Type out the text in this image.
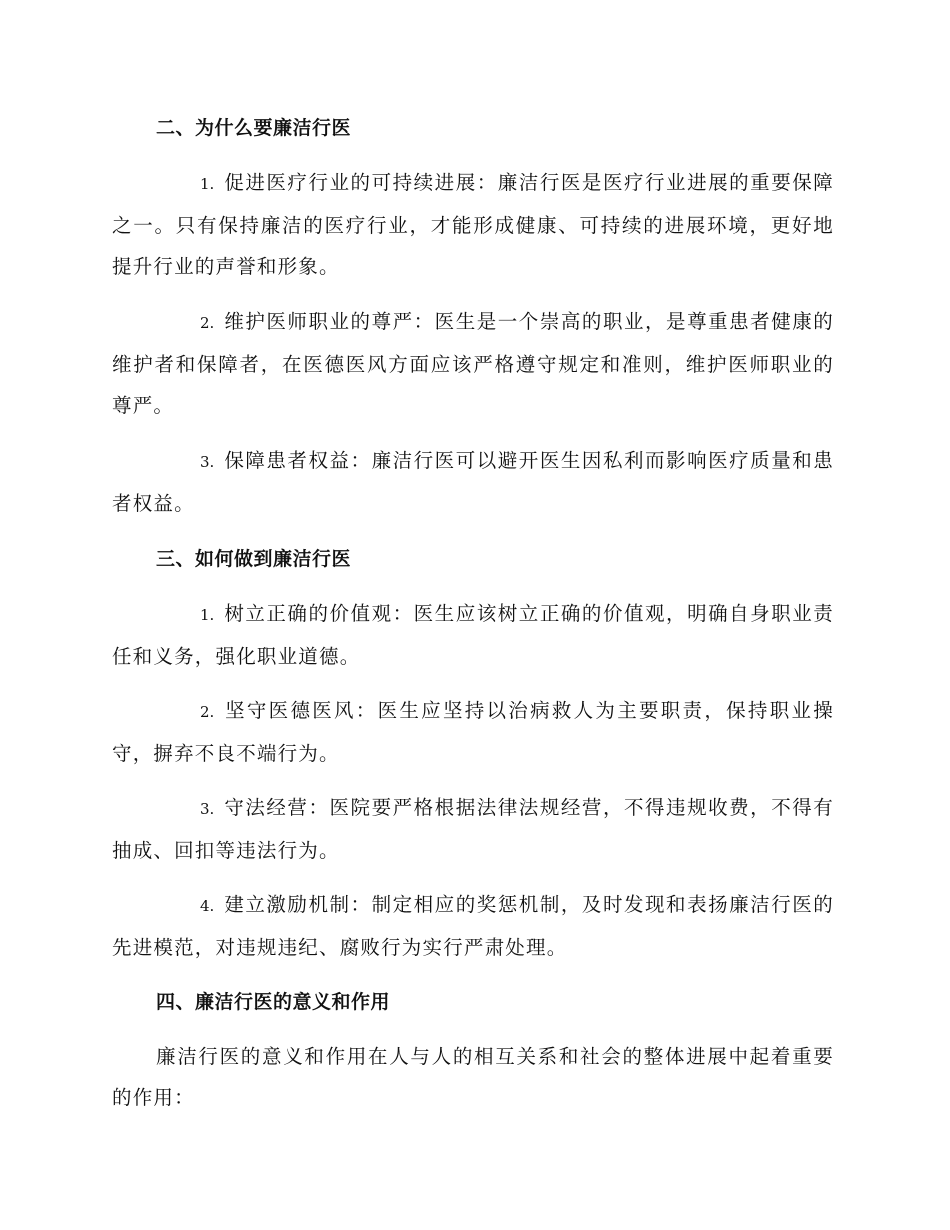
二、为什么要廉洁行医

1. 促进医疗行业的可持续进展：廉洁行医是医疗行业进展的重要保障之一。只有保持廉洁的医疗行业，才能形成健康、可持续的进展环境，更好地提升行业的声誉和形象。

2. 维护医师职业的尊严：医生是一个崇高的职业，是尊重患者健康的维护者和保障者，在医德医风方面应该严格遵守规定和准则，维护医师职业的尊严。

3. 保障患者权益：廉洁行医可以避开医生因私利而影响医疗质量和患者权益。

三、如何做到廉洁行医

1. 树立正确的价值观：医生应该树立正确的价值观，明确自身职业责任和义务，强化职业道德。

2. 坚守医德医风：医生应坚持以治病救人为主要职责，保持职业操守，摒弃不良不端行为。

3. 守法经营：医院要严格根据法律法规经营，不得违规收费，不得有抽成、回扣等违法行为。

4. 建立激励机制：制定相应的奖惩机制，及时发现和表扬廉洁行医的先进模范，对违规违纪、腐败行为实行严肃处理。

四、廉洁行医的意义和作用

廉洁行医的意义和作用在人与人的相互关系和社会的整体进展中起着重要的作用：
